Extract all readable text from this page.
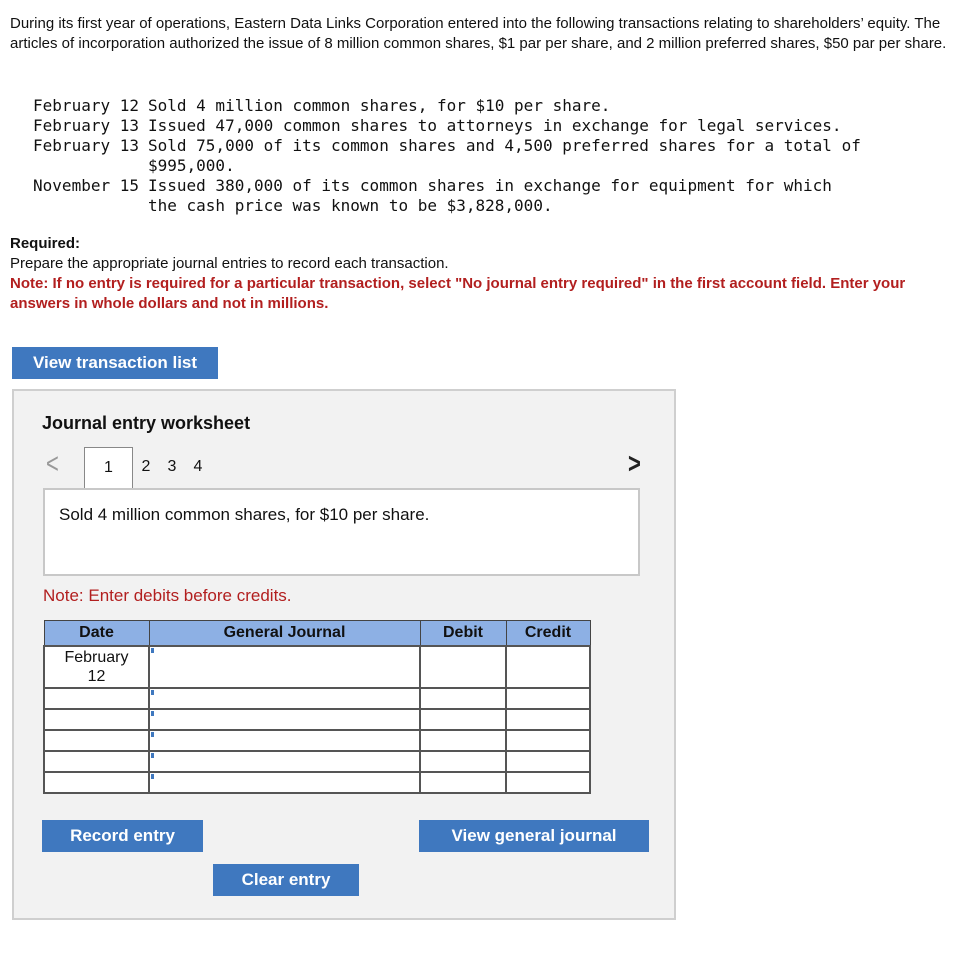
During its first year of operations, Eastern Data Links Corporation entered into the following transactions relating to shareholders’ equity. The articles of incorporation authorized the issue of 8 million common shares, $1 par per share, and 2 million preferred shares, $50 par per share.
February 12 Sold 4 million common shares, for $10 per share.
February 13 Issued 47,000 common shares to attorneys in exchange for legal services.
February 13 Sold 75,000 of its common shares and 4,500 preferred shares for a total of
$995,000.
November 15 Issued 380,000 of its common shares in exchange for equipment for which
the cash price was known to be $3,828,000.
Required:
Prepare the appropriate journal entries to record each transaction.
Note: If no entry is required for a particular transaction, select "No journal entry required" in the first account field. Enter your answers in whole dollars and not in millions.
View transaction list
Journal entry worksheet
<	>
1	2	3	4
Sold 4 million common shares, for $10 per share.
Note: Enter debits before credits.
Date	General Journal	Debit	Credit
February
12			

Record entry	View general journal
Clear entry
